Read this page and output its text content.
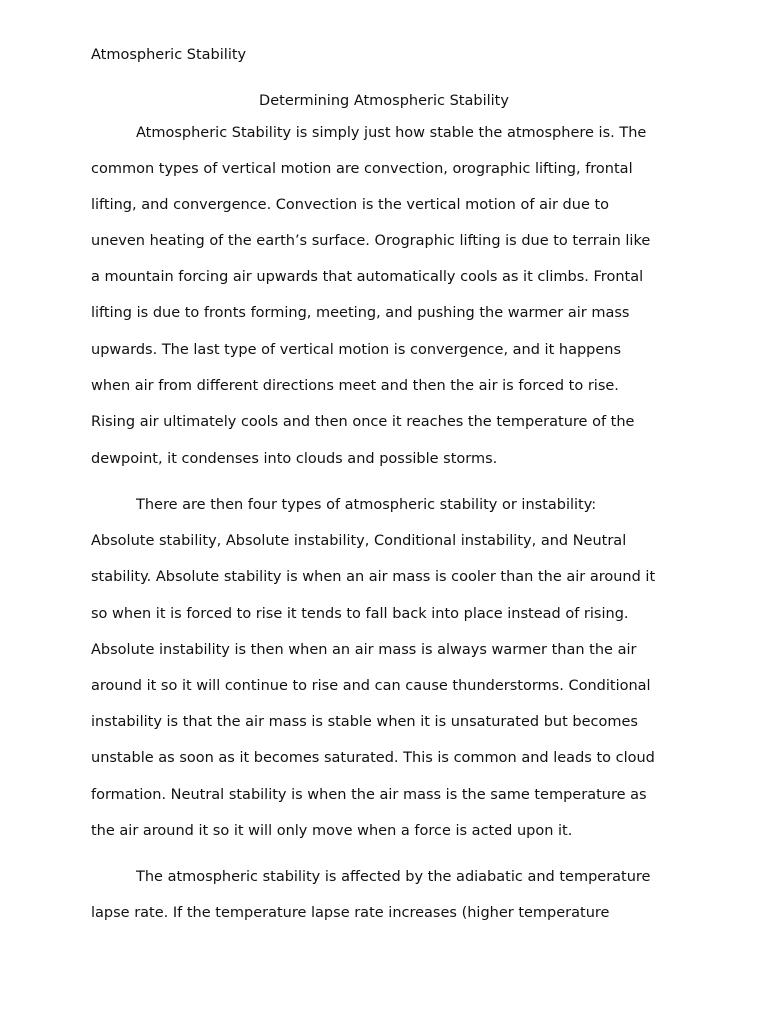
Atmospheric Stability
Determining Atmospheric Stability

Atmospheric Stability is simply just how stable the atmosphere is. The

common types of vertical motion are convection, orographic lifting, frontal

lifting, and convergence. Convection is the vertical motion of air due to

uneven heating of the earth’s surface. Orographic lifting is due to terrain like

a mountain forcing air upwards that automatically cools as it climbs. Frontal

lifting is due to fronts forming, meeting, and pushing the warmer air mass

upwards. The last type of vertical motion is convergence, and it happens

when air from different directions meet and then the air is forced to rise.

Rising air ultimately cools and then once it reaches the temperature of the

dewpoint, it condenses into clouds and possible storms.

There are then four types of atmospheric stability or instability:

Absolute stability, Absolute instability, Conditional instability, and Neutral

stability. Absolute stability is when an air mass is cooler than the air around it

so when it is forced to rise it tends to fall back into place instead of rising.

Absolute instability is then when an air mass is always warmer than the air

around it so it will continue to rise and can cause thunderstorms. Conditional

instability is that the air mass is stable when it is unsaturated but becomes

unstable as soon as it becomes saturated. This is common and leads to cloud

formation. Neutral stability is when the air mass is the same temperature as

the air around it so it will only move when a force is acted upon it.

The atmospheric stability is affected by the adiabatic and temperature

lapse rate. If the temperature lapse rate increases (higher temperature
